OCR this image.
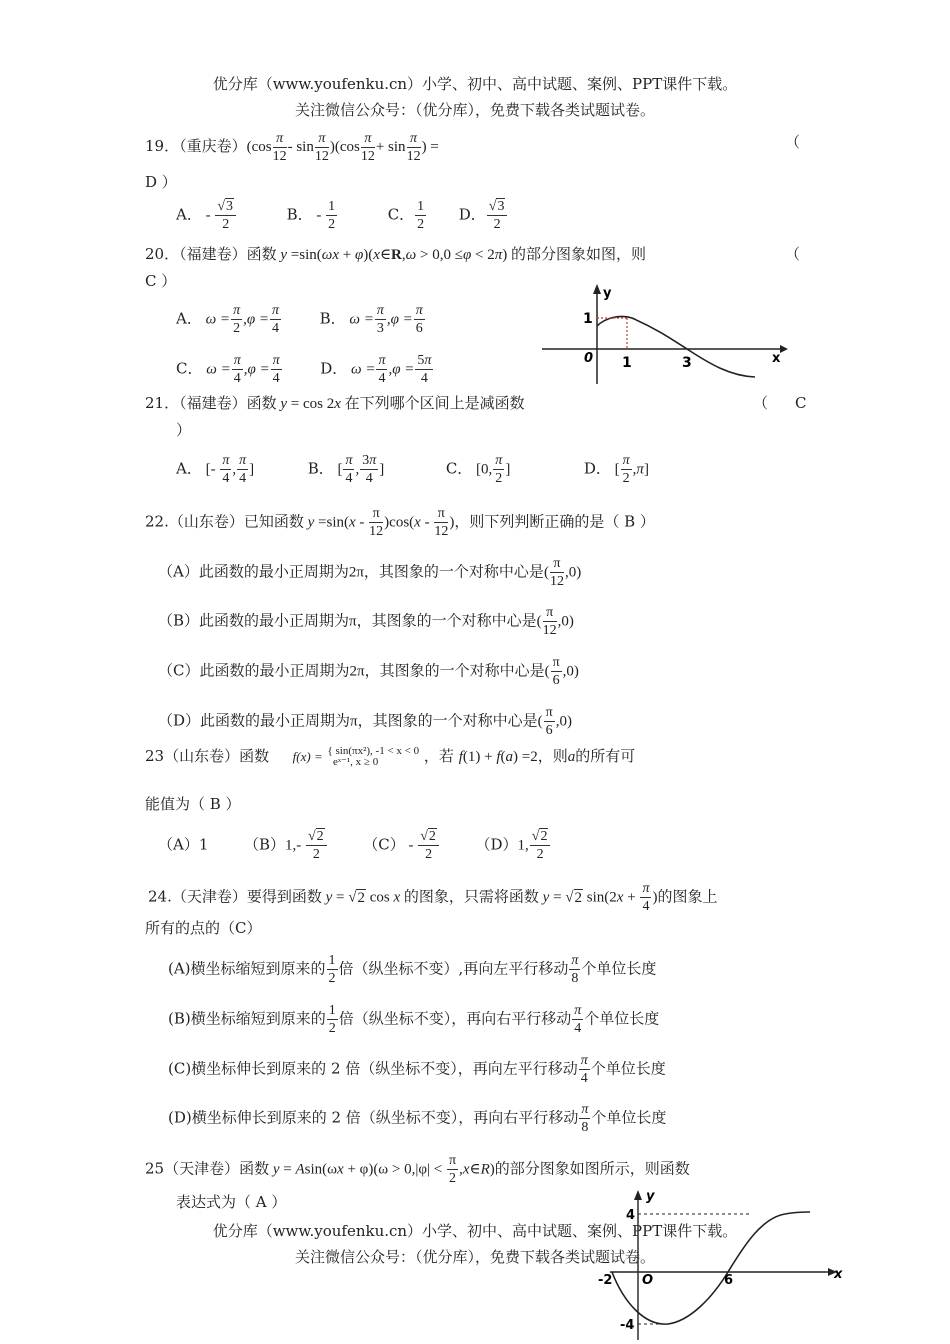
优分库（www.youfenku.cn）小学、初中、高中试题、案例、PPT课件下载。
关注微信公众号：（优分库），免费下载各类试题试卷。
19．（重庆卷）$(\cos \frac{\pi}{12} - \sin \frac{\pi}{12} )(\cos \frac{\pi}{12} + \sin \frac{\pi}{12}$ ) =	（
D ）
A． - $\frac{√3}{2}$	B． - $\frac{1}{2}$	C． $\frac{1}{2}$ D． $\frac{√3}{2}$
20．（福建卷）函数 y =sin(ωx + φ)(x∈R,ω > 0,0 ≤φ < 2π) 的部分图象如图，则	（
C ）
A． $\omega = \frac{\pi}{2} ,\varphi = \frac{\pi}{4}$	B． $\omega = \frac{\pi}{3} ,\varphi = \frac{\pi}{6}$
C． $\omega = \frac{\pi}{4} ,\varphi = \frac{\pi}{4}$	D． $\omega = \frac{\pi}{4} ,\varphi = \frac{5\pi}{4}$
y
x
0
1
1	3
21．（福建卷）函数 y = cos 2x 在下列哪个区间上是减函数	（ C
）
A． [- $\frac{\pi}{4}$ , $\frac{\pi}{4}$ ]	B． [ $\frac{\pi}{4}$ , $\frac{3\pi}{4}$ ]	C． [0, $\frac{\pi}{2}$ ]	D． [ $\frac{\pi}{2} ,\pi$]
22.（山东卷）已知函数 $y =\sin(x - \frac{\pi}{12} )\cos(x - \frac{\pi}{12}$ )，则下列判断正确的是（ B ）
（A）此函数的最小正周期为2π，其图象的一个对称中心是( $\frac{\pi}{12} ,0$)
（B）此函数的最小正周期为π，其图象的一个对称中心是( $\frac{\pi}{12} ,0$)
（C）此函数的最小正周期为2π，其图象的一个对称中心是( $\frac{\pi}{6} ,0$)
（D）此函数的最小正周期为π，其图象的一个对称中心是( $\frac{\pi}{6} ,0$)
23（山东卷）函数 f(x) = { sin(πx²), -1 < x < 0
eˣ⁻¹, x ≥ 0	，若 f(1) + f(a) =2，则a的所有可
能值为（ B ）
（A）1 $(B)1,- \frac{√2}{2} (C) - \frac{√2}{2} (D)1$, $\frac{√2}{2}$
24.（天津卷）要得到函数 y = √2 cos x 的图象，只需将函数 y = √2 $\sin(2x + \frac{\pi}{4}$ )的图象上
所有的点的（C）
(A)横坐标缩短到原来的 $\frac{1}{2}$ 倍（纵坐标不变）,再向左平行移动 $\frac{\pi}{8}$ 个单位长度
(B)横坐标缩短到原来的 $\frac{1}{2}$ 倍（纵坐标不变），再向右平行移动 $\frac{\pi}{4}$ 个单位长度
(C)横坐标伸长到原来的 2 倍（纵坐标不变），再向左平行移动 $\frac{\pi}{4}$ 个单位长度
(D)横坐标伸长到原来的 2 倍（纵坐标不变），再向右平行移动 $\frac{\pi}{8}$ 个单位长度
25（天津卷）函数 $y = Asin(\omega x + \varphi)(\omega > 0,|\varphi| < \frac{\pi}{2}$ ,x∈R)的部分图象如图所示，则函数
表达式为（ A ）	y
x
4
-4
-2 O	6
优分库（www.youfenku.cn）小学、初中、高中试题、案例、PPT课件下载。
关注微信公众号：（优分库），免费下载各类试题试卷。
